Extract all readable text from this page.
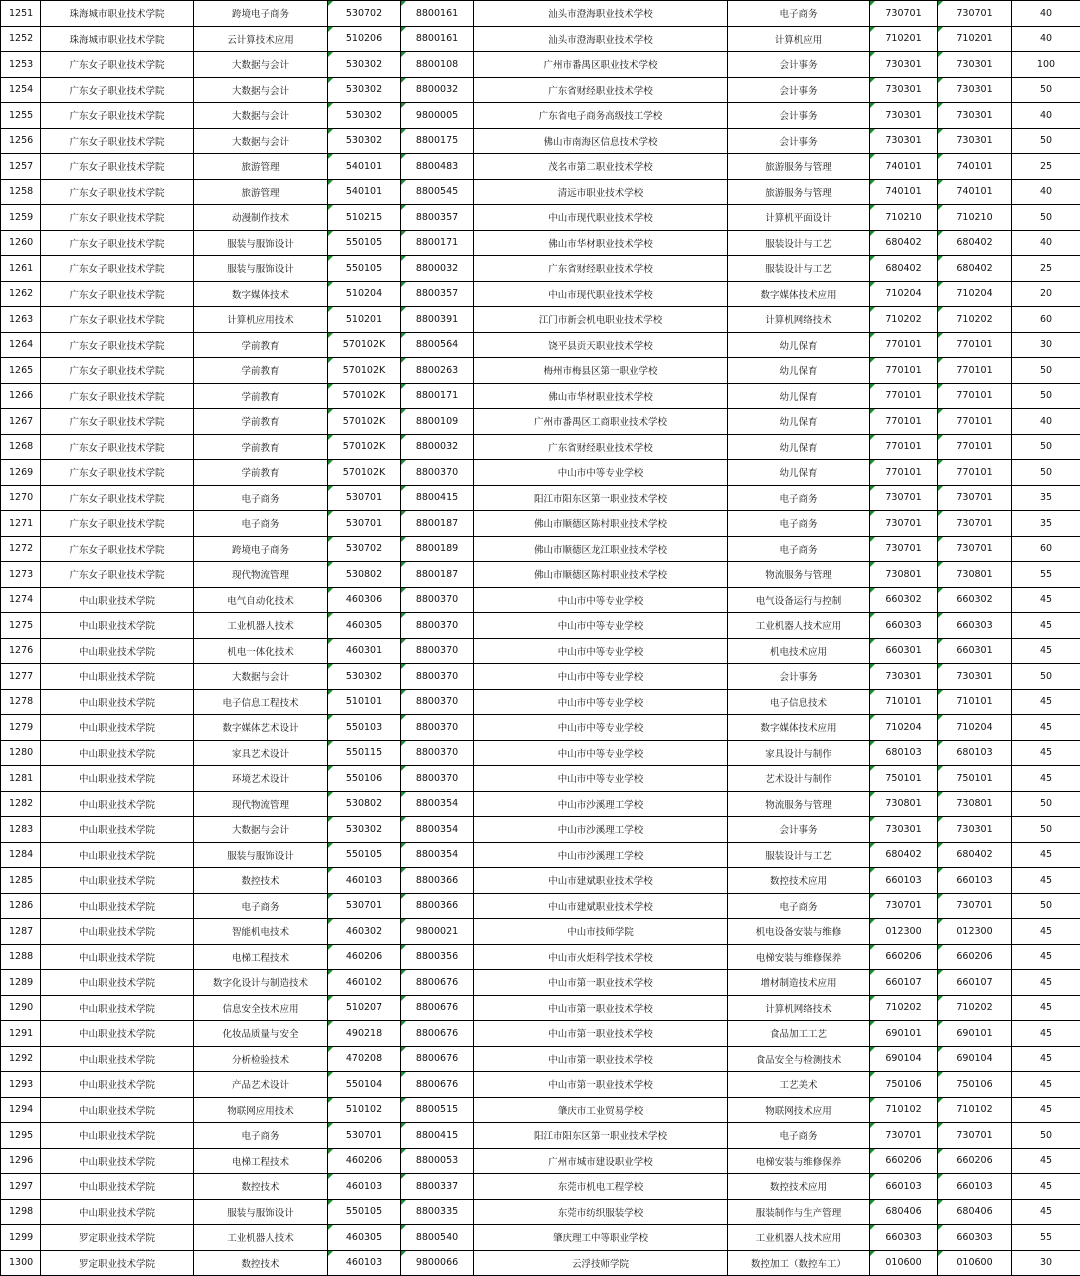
1251	珠海城市职业技术学院	跨境电子商务	530702	8800161	汕头市澄海职业技术学校	电子商务	730701	730701	40
1252	珠海城市职业技术学院	云计算技术应用	510206	8800161	汕头市澄海职业技术学校	计算机应用	710201	710201	40
1253	广东女子职业技术学院	大数据与会计	530302	8800108	广州市番禺区职业技术学校	会计事务	730301	730301	100
1254	广东女子职业技术学院	大数据与会计	530302	8800032	广东省财经职业技术学校	会计事务	730301	730301	50
1255	广东女子职业技术学院	大数据与会计	530302	9800005	广东省电子商务高级技工学校	会计事务	730301	730301	40
1256	广东女子职业技术学院	大数据与会计	530302	8800175	佛山市南海区信息技术学校	会计事务	730301	730301	50
1257	广东女子职业技术学院	旅游管理	540101	8800483	茂名市第二职业技术学校	旅游服务与管理	740101	740101	25
1258	广东女子职业技术学院	旅游管理	540101	8800545	清远市职业技术学校	旅游服务与管理	740101	740101	40
1259	广东女子职业技术学院	动漫制作技术	510215	8800357	中山市现代职业技术学校	计算机平面设计	710210	710210	50
1260	广东女子职业技术学院	服装与服饰设计	550105	8800171	佛山市华材职业技术学校	服装设计与工艺	680402	680402	40
1261	广东女子职业技术学院	服装与服饰设计	550105	8800032	广东省财经职业技术学校	服装设计与工艺	680402	680402	25
1262	广东女子职业技术学院	数字媒体技术	510204	8800357	中山市现代职业技术学校	数字媒体技术应用	710204	710204	20
1263	广东女子职业技术学院	计算机应用技术	510201	8800391	江门市新会机电职业技术学校	计算机网络技术	710202	710202	60
1264	广东女子职业技术学院	学前教育	570102K	8800564	饶平县贡天职业技术学校	幼儿保育	770101	770101	30
1265	广东女子职业技术学院	学前教育	570102K	8800263	梅州市梅县区第一职业学校	幼儿保育	770101	770101	50
1266	广东女子职业技术学院	学前教育	570102K	8800171	佛山市华材职业技术学校	幼儿保育	770101	770101	50
1267	广东女子职业技术学院	学前教育	570102K	8800109	广州市番禺区工商职业技术学校	幼儿保育	770101	770101	40
1268	广东女子职业技术学院	学前教育	570102K	8800032	广东省财经职业技术学校	幼儿保育	770101	770101	50
1269	广东女子职业技术学院	学前教育	570102K	8800370	中山市中等专业学校	幼儿保育	770101	770101	50
1270	广东女子职业技术学院	电子商务	530701	8800415	阳江市阳东区第一职业技术学校	电子商务	730701	730701	35
1271	广东女子职业技术学院	电子商务	530701	8800187	佛山市顺德区陈村职业技术学校	电子商务	730701	730701	35
1272	广东女子职业技术学院	跨境电子商务	530702	8800189	佛山市顺德区龙江职业技术学校	电子商务	730701	730701	60
1273	广东女子职业技术学院	现代物流管理	530802	8800187	佛山市顺德区陈村职业技术学校	物流服务与管理	730801	730801	55
1274	中山职业技术学院	电气自动化技术	460306	8800370	中山市中等专业学校	电气设备运行与控制	660302	660302	45
1275	中山职业技术学院	工业机器人技术	460305	8800370	中山市中等专业学校	工业机器人技术应用	660303	660303	45
1276	中山职业技术学院	机电一体化技术	460301	8800370	中山市中等专业学校	机电技术应用	660301	660301	45
1277	中山职业技术学院	大数据与会计	530302	8800370	中山市中等专业学校	会计事务	730301	730301	50
1278	中山职业技术学院	电子信息工程技术	510101	8800370	中山市中等专业学校	电子信息技术	710101	710101	45
1279	中山职业技术学院	数字媒体艺术设计	550103	8800370	中山市中等专业学校	数字媒体技术应用	710204	710204	45
1280	中山职业技术学院	家具艺术设计	550115	8800370	中山市中等专业学校	家具设计与制作	680103	680103	45
1281	中山职业技术学院	环境艺术设计	550106	8800370	中山市中等专业学校	艺术设计与制作	750101	750101	45
1282	中山职业技术学院	现代物流管理	530802	8800354	中山市沙溪理工学校	物流服务与管理	730801	730801	50
1283	中山职业技术学院	大数据与会计	530302	8800354	中山市沙溪理工学校	会计事务	730301	730301	50
1284	中山职业技术学院	服装与服饰设计	550105	8800354	中山市沙溪理工学校	服装设计与工艺	680402	680402	45
1285	中山职业技术学院	数控技术	460103	8800366	中山市建斌职业技术学校	数控技术应用	660103	660103	45
1286	中山职业技术学院	电子商务	530701	8800366	中山市建斌职业技术学校	电子商务	730701	730701	50
1287	中山职业技术学院	智能机电技术	460302	9800021	中山市技师学院	机电设备安装与维修	012300	012300	45
1288	中山职业技术学院	电梯工程技术	460206	8800356	中山市火炬科学技术学校	电梯安装与维修保养	660206	660206	45
1289	中山职业技术学院	数字化设计与制造技术	460102	8800676	中山市第一职业技术学校	增材制造技术应用	660107	660107	45
1290	中山职业技术学院	信息安全技术应用	510207	8800676	中山市第一职业技术学校	计算机网络技术	710202	710202	45
1291	中山职业技术学院	化妆品质量与安全	490218	8800676	中山市第一职业技术学校	食品加工工艺	690101	690101	45
1292	中山职业技术学院	分析检验技术	470208	8800676	中山市第一职业技术学校	食品安全与检测技术	690104	690104	45
1293	中山职业技术学院	产品艺术设计	550104	8800676	中山市第一职业技术学校	工艺美术	750106	750106	45
1294	中山职业技术学院	物联网应用技术	510102	8800515	肇庆市工业贸易学校	物联网技术应用	710102	710102	45
1295	中山职业技术学院	电子商务	530701	8800415	阳江市阳东区第一职业技术学校	电子商务	730701	730701	50
1296	中山职业技术学院	电梯工程技术	460206	8800053	广州市城市建设职业学校	电梯安装与维修保养	660206	660206	45
1297	中山职业技术学院	数控技术	460103	8800337	东莞市机电工程学校	数控技术应用	660103	660103	45
1298	中山职业技术学院	服装与服饰设计	550105	8800335	东莞市纺织服装学校	服装制作与生产管理	680406	680406	45
1299	罗定职业技术学院	工业机器人技术	460305	8800540	肇庆理工中等职业学校	工业机器人技术应用	660303	660303	55
1300	罗定职业技术学院	数控技术	460103	9800066	云浮技师学院	数控加工（数控车工）	010600	010600	30
